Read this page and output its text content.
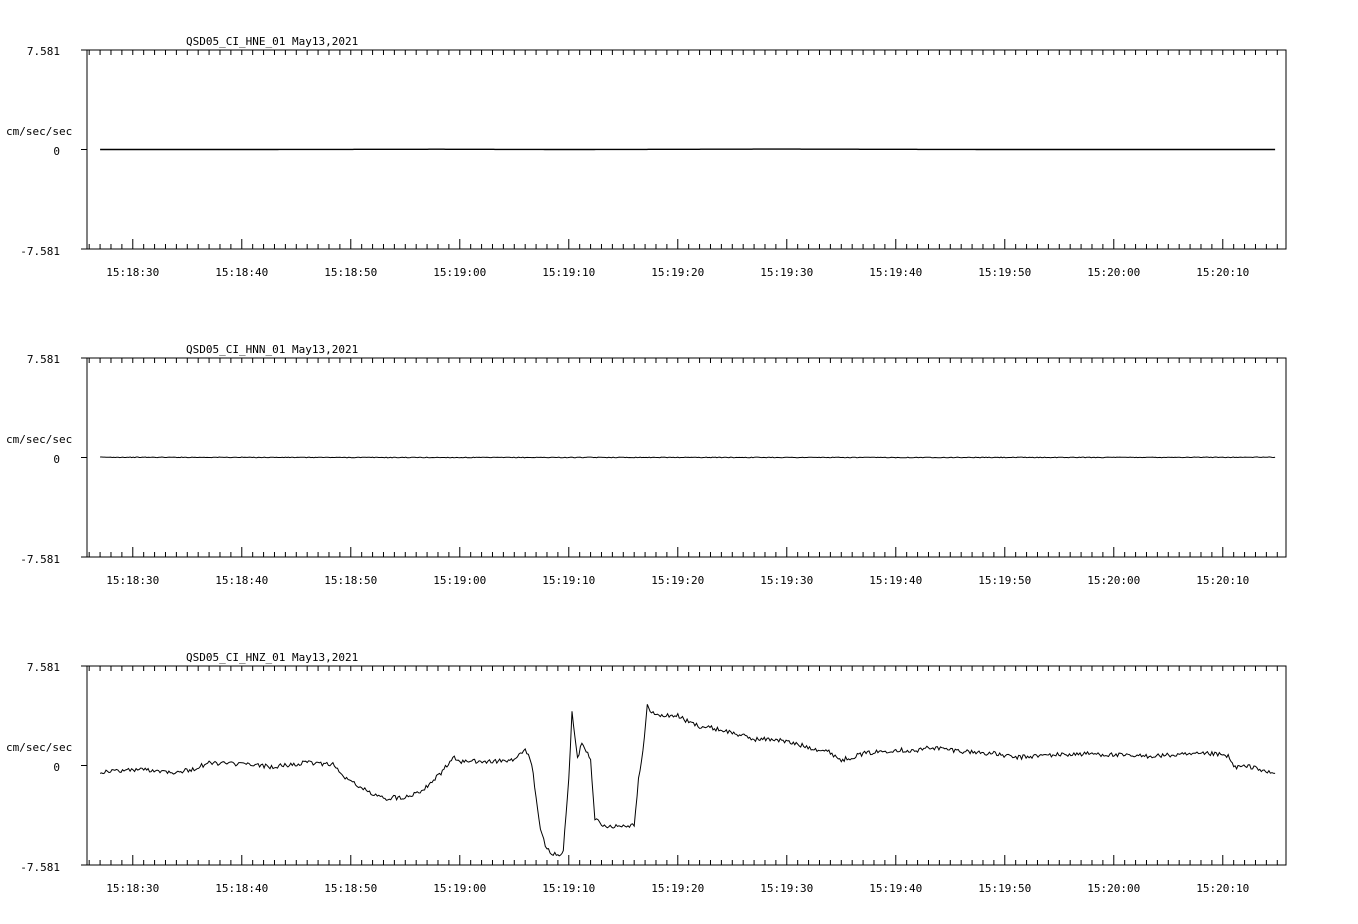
QSD05_CI_HNE_01 May13,2021
cm/sec/sec
7.581
0
-7.581
15:18:30	15:18:40	15:18:50	15:19:00	15:19:10	15:19:20	15:19:30	15:19:40	15:19:50	15:20:00	15:20:10
QSD05_CI_HNN_01 May13,2021
cm/sec/sec
7.581
0
-7.581
15:18:30	15:18:40	15:18:50	15:19:00	15:19:10	15:19:20	15:19:30	15:19:40	15:19:50	15:20:00	15:20:10
QSD05_CI_HNZ_01 May13,2021
cm/sec/sec
7.581
0
-7.581
15:18:30	15:18:40	15:18:50	15:19:00	15:19:10	15:19:20	15:19:30	15:19:40	15:19:50	15:20:00	15:20:10
